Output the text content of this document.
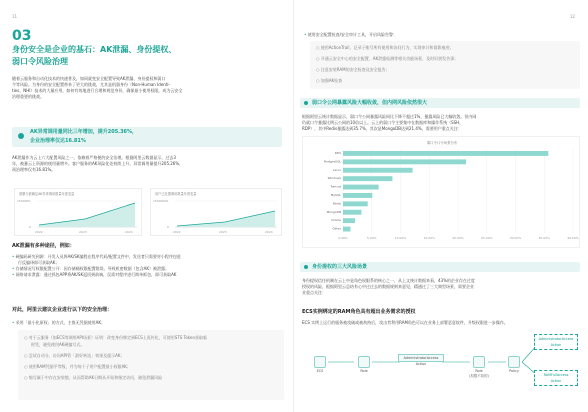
11
03
身份安全是企业的基石：AK泄漏、身份提权、
弱口令风险治理
随着云服务和自动化技术的快速普及，如同就变安全配置导致AK泄漏、身份提权和弱口
令等风险。为身份的安全配置带来了更大的挑战，尤其是机器身份（Non-Human Identi-
ties，NHI）技术的大量应用，如何有效地进行合理和规范身份，确保最小使用权限，成为云安全
治理重要的挑战。
AK异常调用量同比三年增加，提升205.36%，
企业治理率仅达16.81%
AK泄漏作为云上六大配置风险之一，依赖着严格便的安全治理。根据阿里云数据显示，过去3
年，被暴云上资源的使用量增多。客户服务的AK风险化处持续上升，异常调用量提升205.26%，
预治理率仅有16.81%。
被暴与被确定AK异常调用数量年度变量
1500000
0
2022	2023	2024
用户已处置调用数量年度变量
15000000
0
2022	2023	2024
AK泄漏有多种途径，例如：
• 硬编码研究到源：开发人员将AK/SK编程在程序代码/配置文件中，发送者只需要对小程序包进
行反编译即可获取AK；
• 存储情况写权限配置公开：因存储桶权限配置错误，导致机密数据（包含AK）被泄露；
• 网络请求泄露：通过抓包APP将AK/SK返回到前端，仅需对程序进行简单抓包，即可获取AK
对此，阿里云建议企业进行以下的安全治理：
• 采用「最小化原权」的方式，主推无凭据使用AK；
○ 对于云服务（如ECS等调用API场景）证明：改变身份绑定到ECS上再传化，可使用STS Token获取临
时凭，避免使用AK硬编写式。
○ 尝试自动分，访问API管「最好转达」效果及提示AK；
○ 使用RAM凭据平等级，并为每个子用户配置最小权限AK；
○ 缩写属于中存在安装镜，从而帮助AK日期从开始和指定访问，避免泄漏风险
12
• 使用安全配置检查/安全审计工具，开启风险告警：
○ 使用ActionTrail，记录子账号所有使用和访问行为，实现审计和留影痕迹；
○ 开通云安全中心的安全配置，AK泄露检测等相关功能场景，及时识别发告事；
○ 注意安装RAM的安全检查及安全报告；
○ 加强AK检查
弱口令公网暴露风险大幅收敛，但内网风险依然很大
根据阿里云统计数据显示，弱口令公网暴露风险同比下降不超过1%，暴露风险已大幅收敛。但内网
仍就口令暴露比例云公网的10倍以上。云上的弱口令主要集中在数据库和操作系统（SSH、
RDP），其中Redis暴露达到35.7%，其次是MongoDB达到21.4%，需要用户重点关注：
弱口令口令场景分布
0.00%	5.00%	10.00%	15.00%	20.00%	25.00%	30.00%	35.00%	40.00%
RDS
PostgreSQL
Linux
Windows
Tomcat
MySQL
Redis
MongoDB
Oracle
Other
身份提权的三大风险场景
身份提权信任机制在云上中是角色权限系的核心之一，从上文统计数据来看，43%的企业存在过度
授权的风险，根据阿里云总结有心中过过去的数据规则来意见，精通过了三大典型场景，需要企业
业重点关注：
ECS实例绑定的RAM角色具有超出业务需求的授权
ECS 实例上运行的服务被攻破或被劫持后，攻击者利用RAM角色可以在业务上部署恶意软件，升级权限进一步操作。
ECS	Role
AdministratorAccess
Action
Role
(权限不同的)
Policy
AdministratorAccess
Action
RAMFullAccess
Action
